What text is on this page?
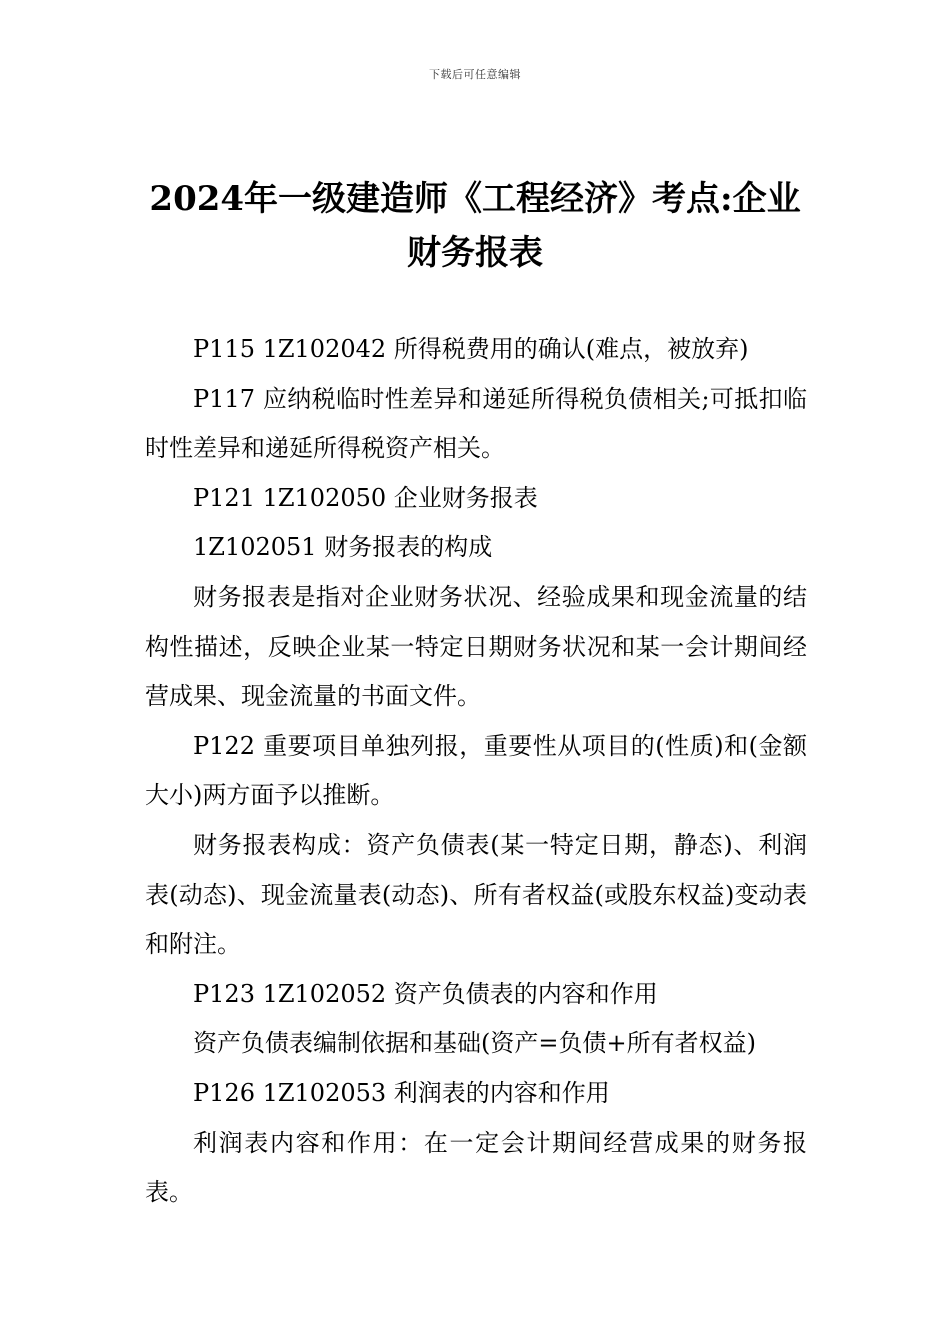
下载后可任意编辑
2024年一级建造师《工程经济》考点:企业财务报表

P115 1Z102042 所得税费用的确认(难点，被放弃)

P117 应纳税临时性差异和递延所得税负债相关;可抵扣临时性差异和递延所得税资产相关。

P121 1Z102050 企业财务报表

1Z102051 财务报表的构成

财务报表是指对企业财务状况、经验成果和现金流量的结构性描述，反映企业某一特定日期财务状况和某一会计期间经营成果、现金流量的书面文件。

P122 重要项目单独列报，重要性从项目的(性质)和(金额大小)两方面予以推断。

财务报表构成：资产负债表(某一特定日期，静态)、利润表(动态)、现金流量表(动态)、所有者权益(或股东权益)变动表和附注。

P123 1Z102052 资产负债表的内容和作用

资产负债表编制依据和基础(资产=负债+所有者权益)

P126 1Z102053 利润表的内容和作用

利润表内容和作用：在一定会计期间经营成果的财务报表。
